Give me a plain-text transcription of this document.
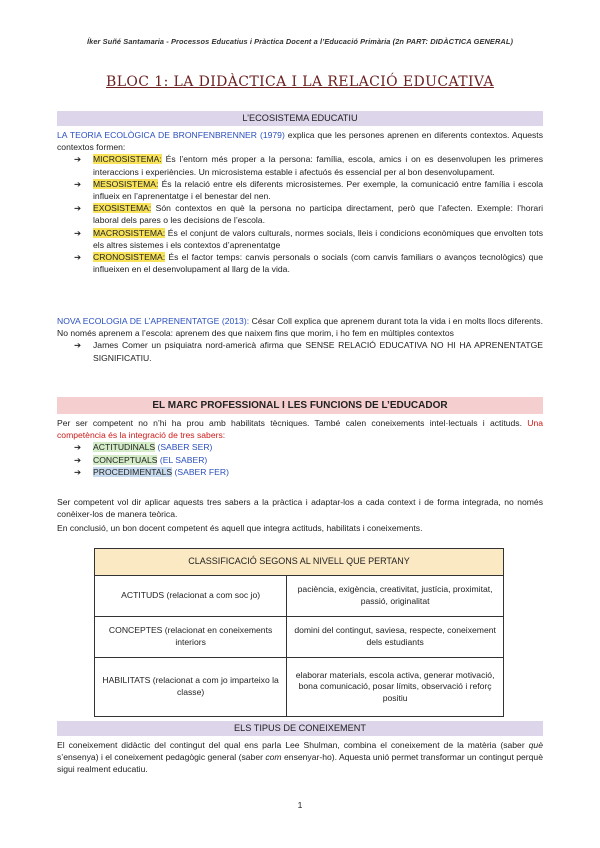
Íker Suñé Santamaria - Processos Educatius i Pràctica Docent a l’Educació Primària (2n PART: DIDÀCTICA GENERAL)
BLOC 1: LA DIDÀCTICA I LA RELACIÓ EDUCATIVA
L’ECOSISTEMA EDUCATIU
LA TEORIA ECOLÒGICA DE BRONFENBRENNER (1979) explica que les persones aprenen en diferents contextos. Aquests contextos formen:
➔ MICROSISTEMA: És l’entorn més proper a la persona: família, escola, amics i on es desenvolupen les primeres interaccions i experiències. Un microsistema estable i afectuós és essencial per al bon desenvolupament.
➔ MESOSISTEMA: És la relació entre els diferents microsistemes. Per exemple, la comunicació entre família i escola influeix en l’aprenentatge i el benestar del nen.
➔ EXOSISTEMA: Són contextos en què la persona no participa directament, però que l’afecten. Exemple: l’horari laboral dels pares o les decisions de l’escola.
➔ MACROSISTEMA: És el conjunt de valors culturals, normes socials, lleis i condicions econòmiques que envolten tots els altres sistemes i els contextos d’aprenentatge
➔ CRONOSISTEMA: És el factor temps: canvis personals o socials (com canvis familiars o avanços tecnològics) que influeixen en el desenvolupament al llarg de la vida.
NOVA ECOLOGIA DE L’APRENENTATGE (2013): César Coll explica que aprenem durant tota la vida i en molts llocs diferents. No només aprenem a l’escola: aprenem des que naixem fins que morim, i ho fem en múltiples contextos
➔ James Comer un psiquiatra nord-americà afirma que SENSE RELACIÓ EDUCATIVA NO HI HA APRENENTATGE SIGNIFICATIU.
EL MARC PROFESSIONAL I LES FUNCIONS DE L’EDUCADOR
Per ser competent no n’hi ha prou amb habilitats tècniques. També calen coneixements intel·lectuals i actituds. Una competència és la integració de tres sabers:
➔ ACTITUDINALS (SABER SER)
➔ CONCEPTUALS (EL SABER)
➔ PROCEDIMENTALS (SABER FER)
Ser competent vol dir aplicar aquests tres sabers a la pràctica i adaptar-los a cada context i de forma integrada, no només conèixer-los de manera teòrica.
En conclusió, un bon docent competent és aquell que integra actituds, habilitats i coneixements.
CLASSIFICACIÓ SEGONS AL NIVELL QUE PERTANY	
ACTITUDS (relacionat a com soc jo)	paciència, exigència, creativitat, justícia, proximitat, passió, originalitat
CONCEPTES (relacionat en coneixements interiors	domini del contingut, saviesa, respecte, coneixement dels estudiants
HABILITATS (relacionat a com jo imparteixo la classe)	elaborar materials, escola activa, generar motivació, bona comunicació, posar límits, observació i reforç positiu
ELS TIPUS DE CONEIXEMENT
El coneixement didàctic del contingut del qual ens parla Lee Shulman, combina el coneixement de la matèria (saber què s’ensenya) i el coneixement pedagògic general (saber com ensenyar-ho). Aquesta unió permet transformar un contingut perquè sigui realment educatiu.
1
